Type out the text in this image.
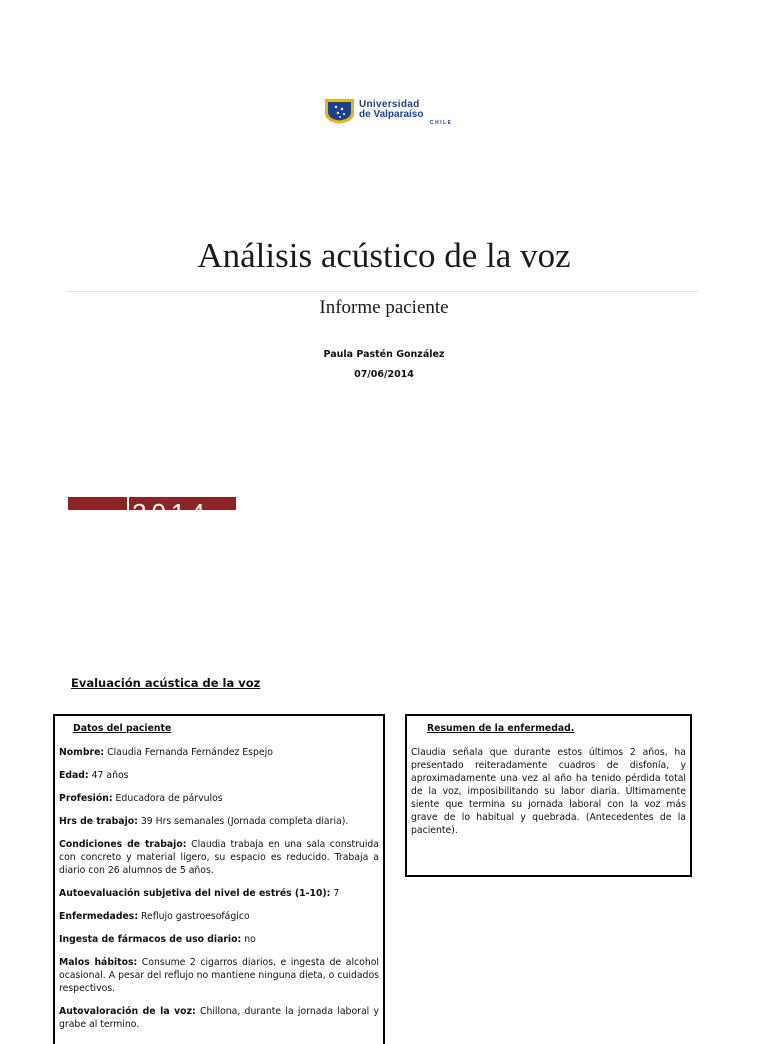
Universidad
de Valparaíso
CHILE
Análisis acústico de la voz
Informe paciente
Paula Pastén González
07/06/2014
2014
Evaluación acústica de la voz
Datos del paciente

Nombre: Claudia Fernanda Fernández Espejo

Edad: 47 años

Profesión: Educadora de párvulos

Hrs de trabajo: 39 Hrs semanales (Jornada completa diaria).

Condiciones de trabajo: Claudia trabaja en una sala construida con concreto y material ligero, su espacio es reducido. Trabaja a diario con 26 alumnos de 5 años.

Autoevaluación subjetiva del nivel de estrés (1-10): 7

Enfermedades: Reflujo gastroesofágico

Ingesta de fármacos de uso diario: no

Malos hábitos: Consume 2 cigarros diarios, e ingesta de alcohol ocasional. A pesar del reflujo no mantiene ninguna dieta, o cuidados respectivos.

Autovaloración de la voz: Chillona, durante la jornada laboral y grabe al termino.

Resumen de la enfermedad.
Claudia señala que durante estos últimos 2 años, ha presentado reiteradamente cuadros de disfonía, y aproximadamente una vez al año ha tenido pérdida total de la voz, imposibilitando su labor diaria. Últimamente siente que termina su jornada laboral con la voz más grave de lo habitual y quebrada. (Antecedentes de la paciente).
